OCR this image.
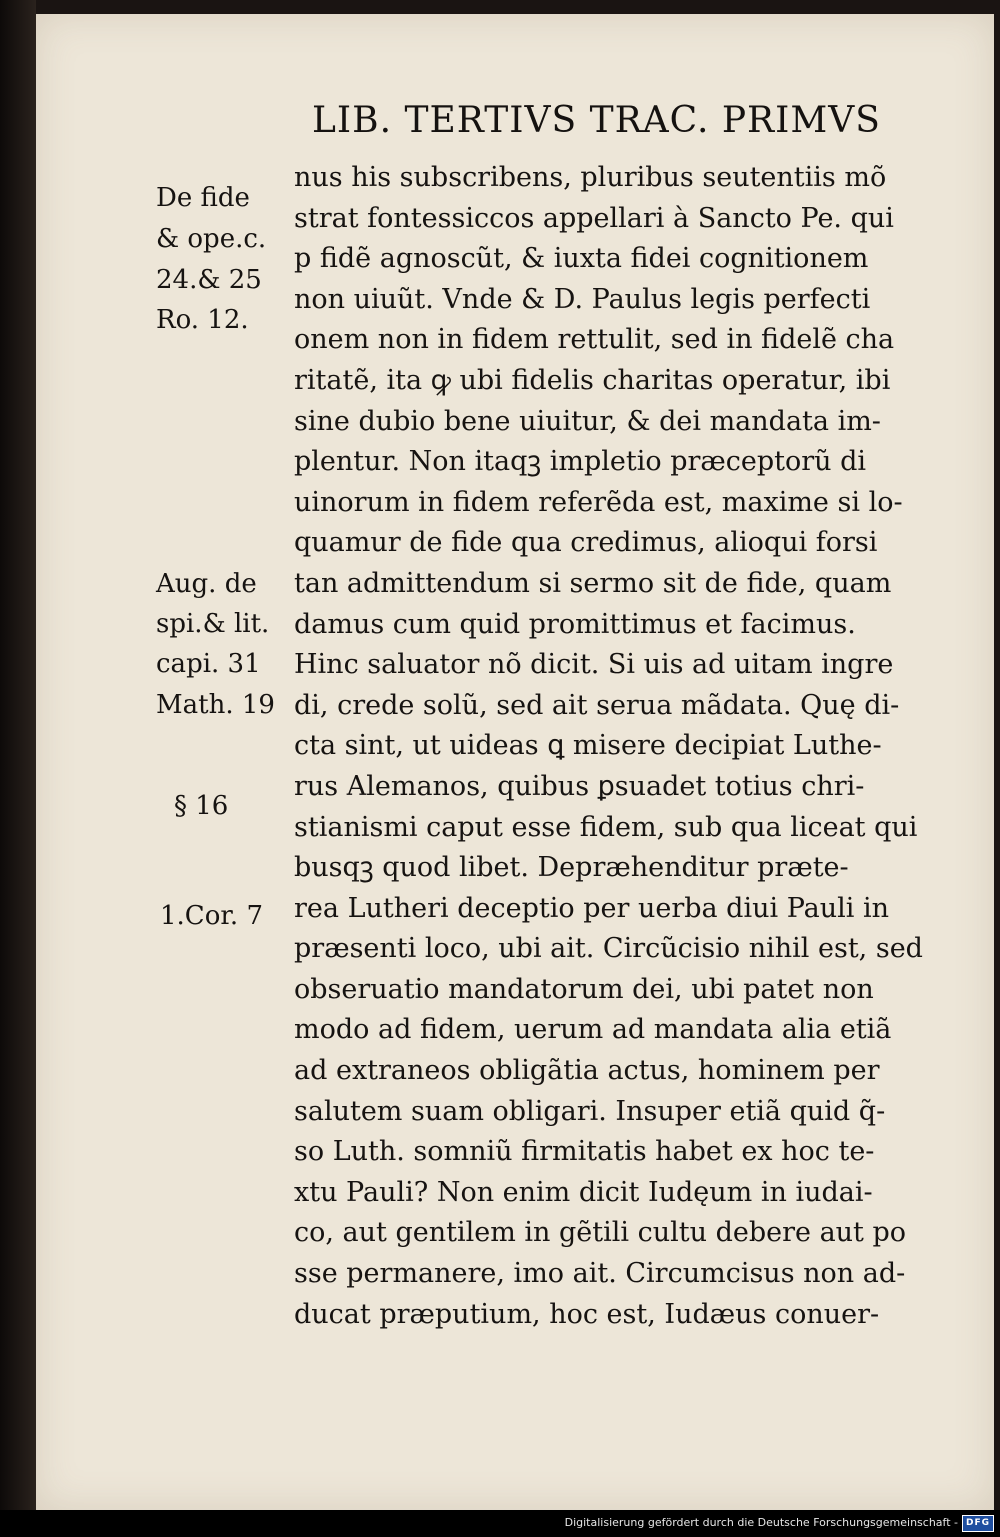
LIB. TERTIVS TRAC. PRIMVS
nus his subscribens, pluribus seutentiis mõ
strat fontessiccos appellari à Sancto Pe. qui
p fidẽ agnoscũt, & iuxta fidei cognitionem
non uiuũt. Vnde & D. Paulus legis perfecti
onem non in fidem rettulit, sed in fidelẽ cha
ritatẽ, ita ꝙ ubi fidelis charitas operatur, ibi
sine dubio bene uiuitur, & dei mandata im-
plentur. Non itaqꝫ impletio præceptorũ di
uinorum in fidem referẽda est, maxime si lo-
quamur de fide qua credimus, alioqui forsi
tan admittendum si sermo sit de fide, quam
damus cum quid promittimus et facimus.
Hinc saluator nõ dicit. Si uis ad uitam ingre
di, crede solũ, sed ait serua mãdata. Quę di-
cta sint, ut uideas ꝗ misere decipiat Luthe-
rus Alemanos, quibus ꝑsuadet totius chri-
stianismi caput esse fidem, sub qua liceat qui
busqꝫ quod libet. Depræhenditur præte-
rea Lutheri deceptio per uerba diui Pauli in
præsenti loco, ubi ait. Circũcisio nihil est, sed
obseruatio mandatorum dei, ubi patet non
modo ad fidem, uerum ad mandata alia etiã
ad extraneos obligãtia actus, hominem per
salutem suam obligari. Insuper etiã quid q̃-
so Luth. somniũ firmitatis habet ex hoc te-
xtu Pauli? Non enim dicit Iudęum in iudai-
co, aut gentilem in gẽtili cultu debere aut po
sse permanere, imo ait. Circumcisus non ad-
ducat præputium, hoc est, Iudæus conuer-
De fide
& ope.c.
24.& 25
Ro. 12.
Aug. de
spi.& lit.
capi. 31
Math. 19
§ 16
1.Cor. 7
Digitalisierung gefördert durch die Deutsche Forschungsgemeinschaft - DFG
